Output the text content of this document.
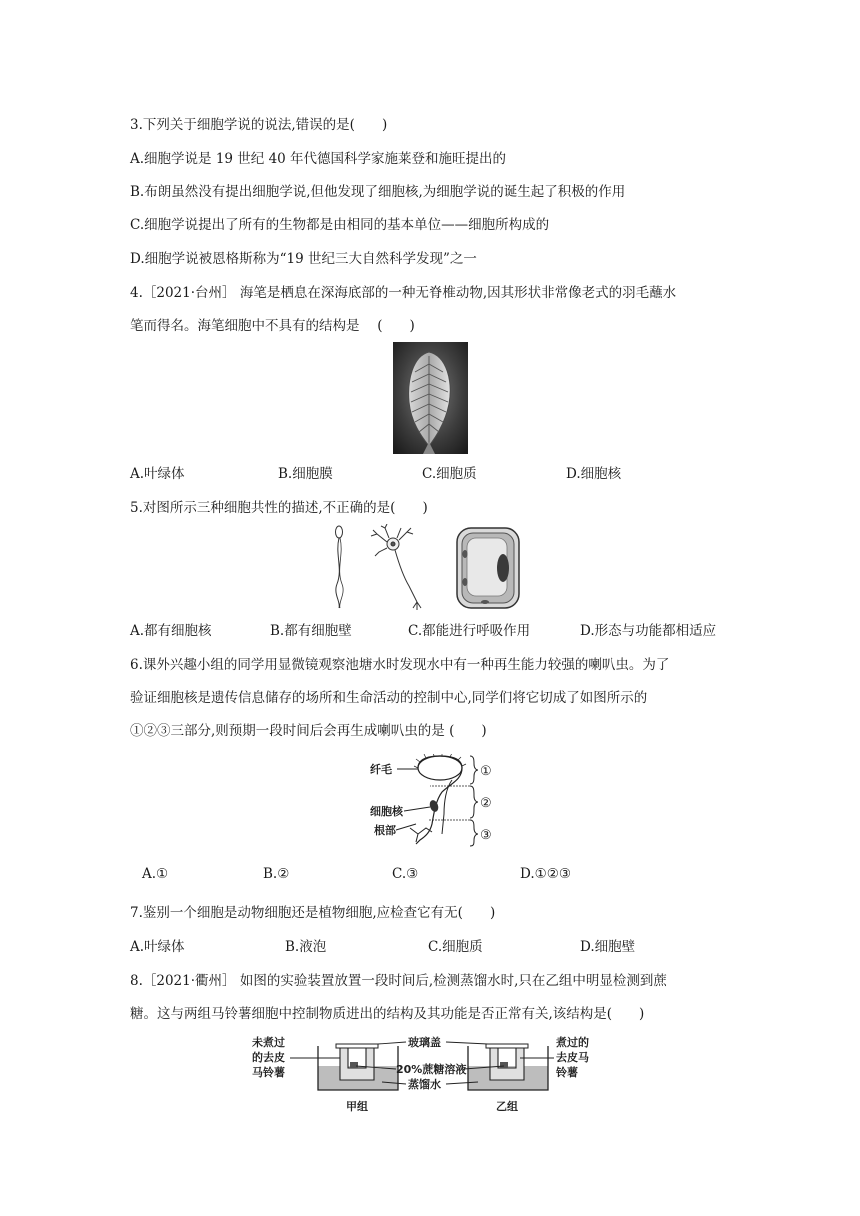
3.下列关于细胞学说的说法,错误的是(　　)
A.细胞学说是 19 世纪 40 年代德国科学家施莱登和施旺提出的
B.布朗虽然没有提出细胞学说,但他发现了细胞核,为细胞学说的诞生起了积极的作用
C.细胞学说提出了所有的生物都是由相同的基本单位——细胞所构成的
D.细胞学说被恩格斯称为“19 世纪三大自然科学发现”之一
4.［2021·台州］ 海笔是栖息在深海底部的一种无脊椎动物,因其形状非常像老式的羽毛蘸水
笔而得名。海笔细胞中不具有的结构是 　(　　)
A.叶绿体	B.细胞膜	C.细胞质	D.细胞核
5.对图所示三种细胞共性的描述,不正确的是(　　)
A.都有细胞核	B.都有细胞壁	C.都能进行呼吸作用	D.形态与功能都相适应
6.课外兴趣小组的同学用显微镜观察池塘水时发现水中有一种再生能力较强的喇叭虫。为了
验证细胞核是遗传信息储存的场所和生命活动的控制中心,同学们将它切成了如图所示的
①②③三部分,则预期一段时间后会再生成喇叭虫的是 (　　)
纤毛
细胞核
根部
①
②
③
A.①	B.②	C.③	D.①②③
7.鉴别一个细胞是动物细胞还是植物细胞,应检查它有无(　　)
A.叶绿体	B.液泡	C.细胞质	D.细胞壁
8.［2021·衢州］ 如图的实验装置放置一段时间后,检测蒸馏水时,只在乙组中明显检测到蔗
糖。这与两组马铃薯细胞中控制物质进出的结构及其功能是否正常有关,该结构是(　　)
未煮过
的去皮
马铃薯
玻璃盖
20%蔗糖溶液
蒸馏水
煮过的
去皮马
铃薯
甲组	乙组
